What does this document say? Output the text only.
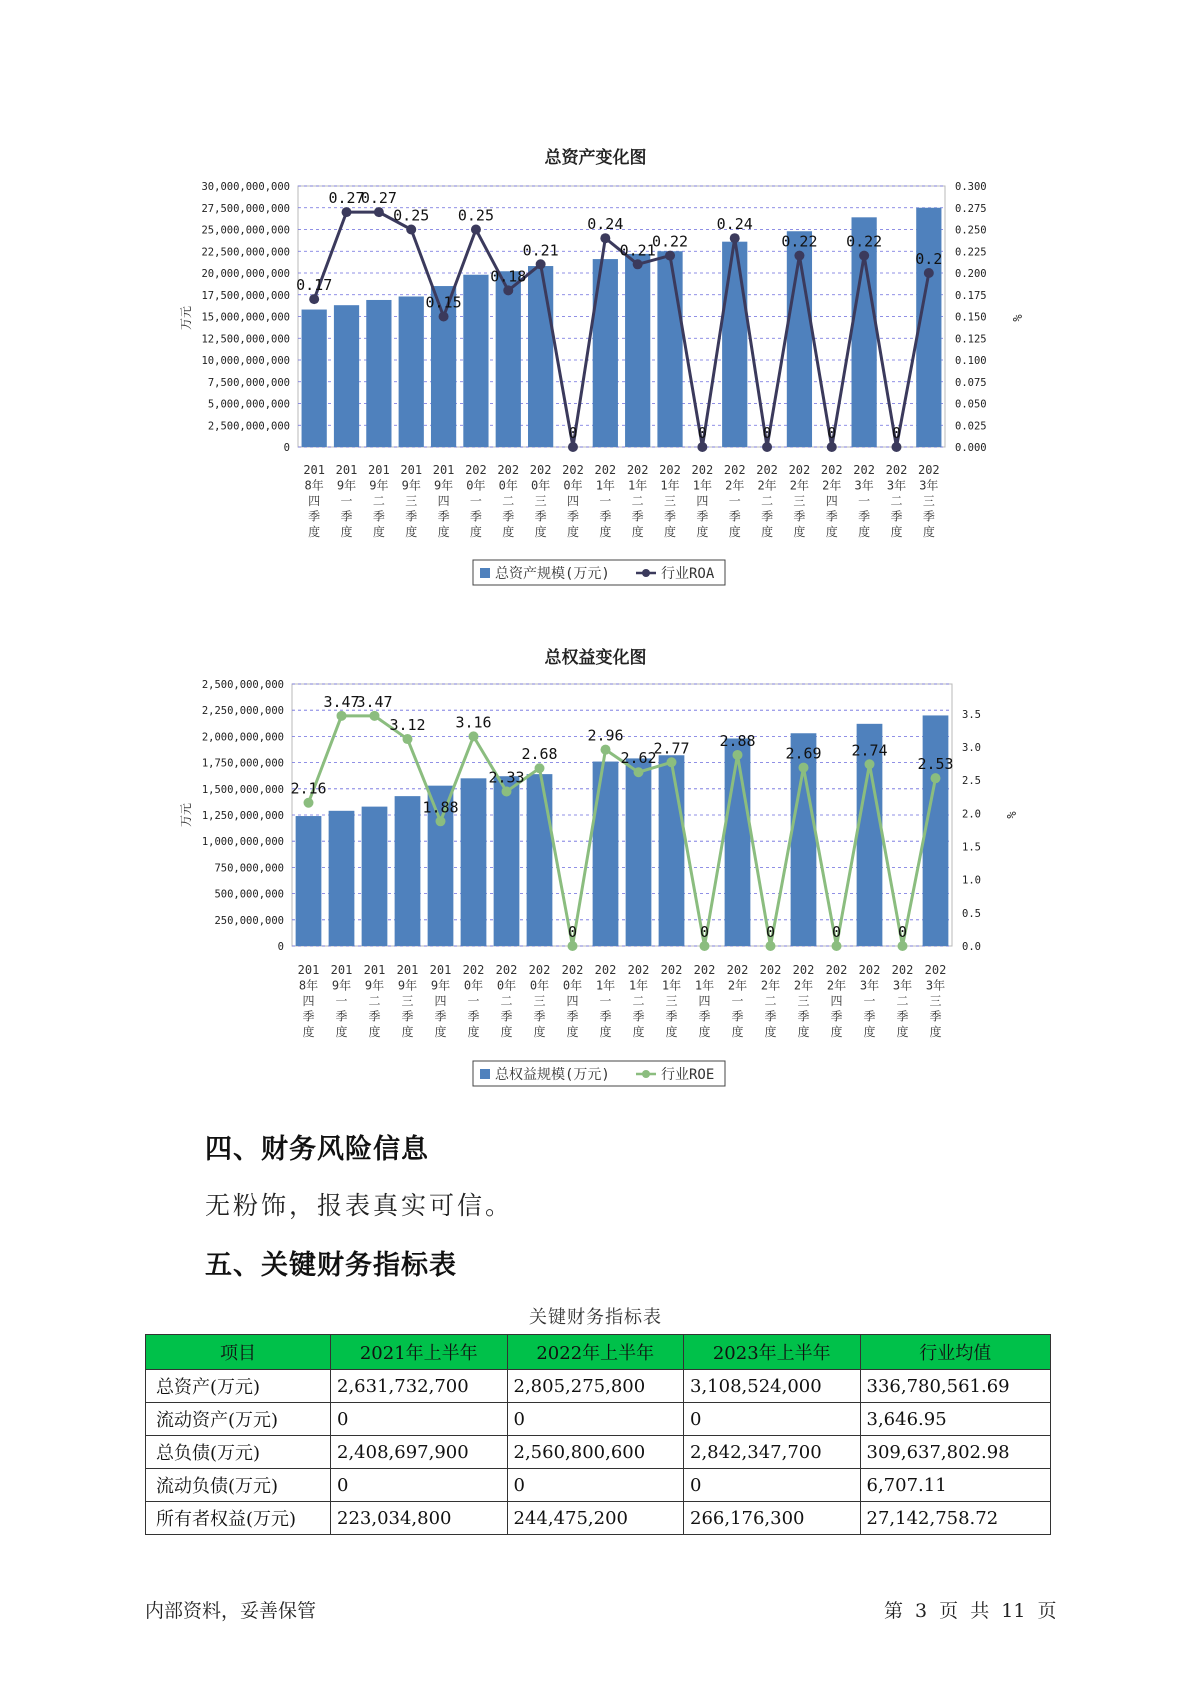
总资产变化图
0
2,500,000,000
5,000,000,000
7,500,000,000
10,000,000,000
12,500,000,000
15,000,000,000
17,500,000,000
20,000,000,000
22,500,000,000
25,000,000,000
27,500,000,000
30,000,000,000
0.000
0.025
0.050
0.075
0.100
0.125
0.150
0.175
0.200
0.225
0.250
0.275
0.300
万元	%
201 8年四季度
201 9年一季度
201 9年二季度
201 9年三季度
201 9年四季度
202 0年一季度
202 0年二季度
202 0年三季度
202 0年四季度
202 1年一季度
202 1年二季度
202 1年三季度
202 1年四季度
202 2年一季度
202 2年二季度
202 2年三季度
202 2年四季度
202 3年一季度
202 3年二季度
202 3年三季度
0.17
0.27
0.27
0.25
0.15
0.25
0.18
0.21
0
0.24
0.21
0.22
0
0.24
0
0.22
0
0.22
0
0.2
总资产规模(万元)	行业ROA
总权益变化图
0
250,000,000
500,000,000
750,000,000
1,000,000,000
1,250,000,000
1,500,000,000
1,750,000,000
2,000,000,000
2,250,000,000
2,500,000,000
0.0
0.5
1.0
1.5
2.0
2.5
3.0
3.5
万元	%
201 8年四季度
201 9年一季度
201 9年二季度
201 9年三季度
201 9年四季度
202 0年一季度
202 0年二季度
202 0年三季度
202 0年四季度
202 1年一季度
202 1年二季度
202 1年三季度
202 1年四季度
202 2年一季度
202 2年二季度
202 2年三季度
202 2年四季度
202 3年一季度
202 3年二季度
202 3年三季度
2.16
3.47
3.47
3.12
1.88
3.16
2.33
2.68
0
2.96
2.62
2.77
0
2.88
0
2.69
0
2.74
0
2.53
总权益规模(万元)	行业ROE
四、财务风险信息
无粉饰，报表真实可信。
五、关键财务指标表
关键财务指标表
项目	2021年上半年	2022年上半年	2023年上半年	行业均值
总资产(万元)	2,631,732,700	2,805,275,800	3,108,524,000	336,780,561.69
流动资产(万元)	0	0	0	3,646.95
总负债(万元)	2,408,697,900	2,560,800,600	2,842,347,700	309,637,802.98
流动负债(万元)	0	0	0	6,707.11
所有者权益(万元)	223,034,800	244,475,200	266,176,300	27,142,758.72
内部资料，妥善保管	第 3 页 共 11 页
